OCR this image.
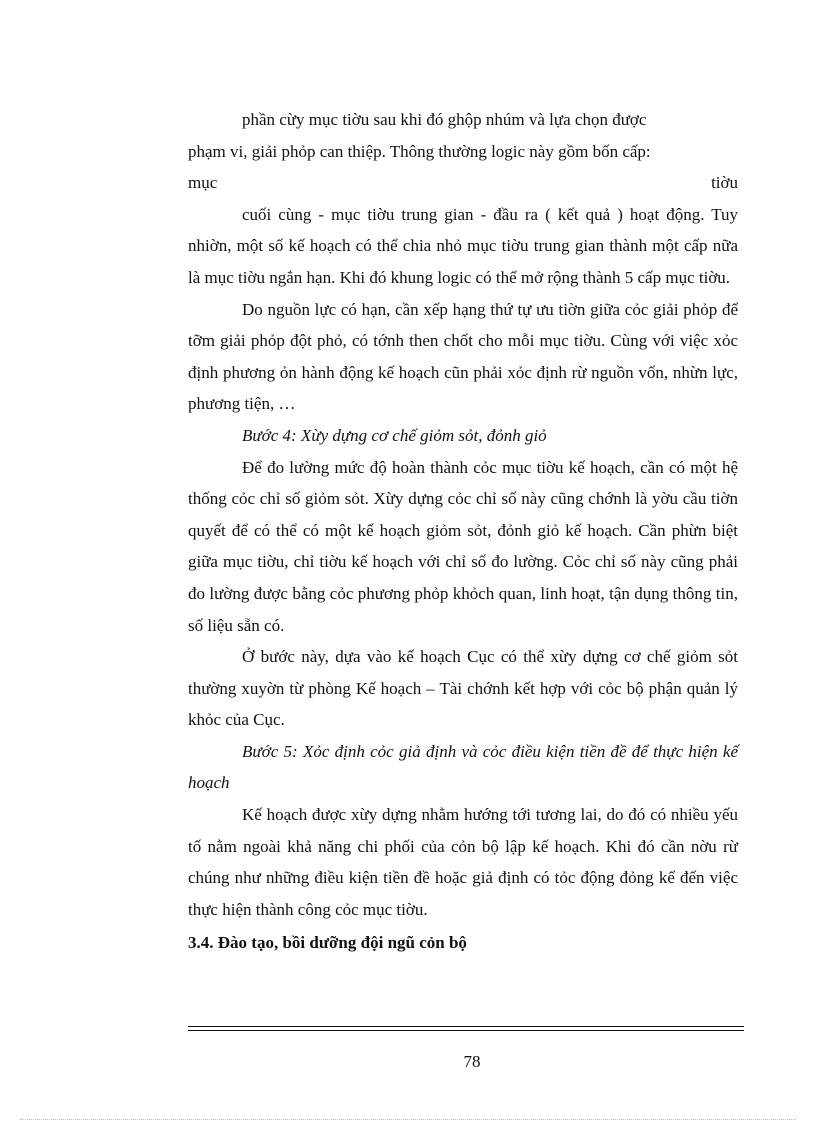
phần cừy mục tiờu sau khi đó ghộp nhúm và lựa chọn được

phạm vi, giải phỏp can thiệp. Thông thường logic này gồm bốn cấp:

mục	tiờu

cuối cùng - mục tiờu trung gian - đầu ra ( kết quả ) hoạt động. Tuy nhiờn, một số kế hoạch có thể chia nhỏ mục tiờu trung gian thành một cấp nữa là mục tiờu ngắn hạn. Khi đó khung logic có thể mở rộng thành 5 cấp mục tiờu.

Do nguồn lực có hạn, cần xếp hạng thứ tự ưu tiờn giữa cỏc giải phỏp để tỡm giải phỏp đột phỏ, có tớnh then chốt cho mỗi mục tiờu. Cùng với việc xỏc định phương ỏn hành động kế hoạch cũn phải xỏc định rừ nguồn vốn, nhừn lực, phương tiện, …

Bước 4: Xừy dựng cơ chế giỏm sỏt, đỏnh giỏ

Để đo lường mức độ hoàn thành cỏc mục tiờu kế hoạch, cần có một hệ thống cỏc chỉ số giỏm sỏt. Xừy dựng cỏc chỉ số này cũng chớnh là yờu cầu tiờn quyết để có thể có một kế hoạch giỏm sỏt, đỏnh giỏ kế hoạch. Cần phừn biệt giữa mục tiờu, chỉ tiờu kế hoạch với chỉ số đo lường. Cỏc chỉ số này cũng phải đo lường được bằng cỏc phương phỏp khỏch quan, linh hoạt, tận dụng thông tin, số liệu sẵn có.

Ở bước này, dựa vào kế hoạch Cục có thể xừy dựng cơ chế giỏm sỏt thường xuyờn từ phòng Kế hoạch – Tài chớnh kết hợp với cỏc bộ phận quản lý khỏc của Cục.

Bước 5: Xỏc định cỏc giả định và cỏc điều kiện tiền đề để thực hiện kế hoạch

Kế hoạch được xừy dựng nhằm hướng tới tương lai, do đó có nhiều yếu tố nằm ngoài khả năng chi phối của cỏn bộ lập kế hoạch. Khi đó cần nờu rừ chúng như những điều kiện tiền đề hoặc giả định có tỏc động đỏng kể đến việc thực hiện thành công cỏc mục tiờu.

3.4. Đào tạo, bồi dưỡng đội ngũ cỏn bộ

78
